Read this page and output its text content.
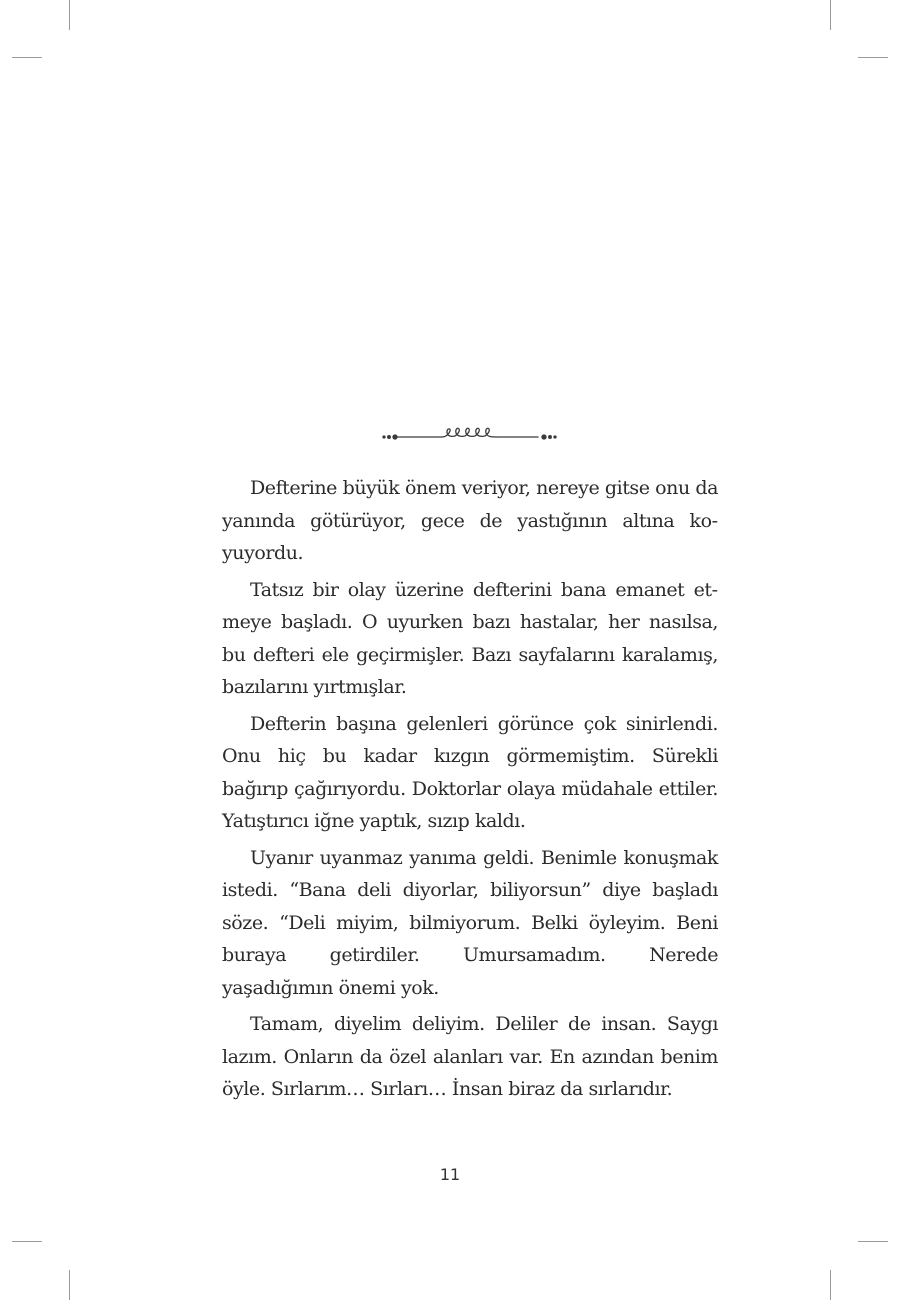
Defterine büyük önem veriyor, nereye gitse onu da yanında götürüyor, gece de yastığının altına koyuyordu.

Tatsız bir olay üzerine defterini bana emanet etmeye başladı. O uyurken bazı hastalar, her nasılsa, bu defteri ele geçirmişler. Bazı sayfalarını karalamış, bazılarını yırtmışlar.

Defterin başına gelenleri görünce çok sinirlendi. Onu hiç bu kadar kızgın görmemiştim. Sürekli bağırıp çağırıyordu. Doktorlar olaya müdahale ettiler. Yatıştırıcı iğne yaptık, sızıp kaldı.

Uyanır uyanmaz yanıma geldi. Benimle konuşmak istedi. “Bana deli diyorlar, biliyorsun” diye başladı söze. “Deli miyim, bilmiyorum. Belki öyleyim. Beni buraya getirdiler. Umursamadım. Nerede yaşadığımın önemi yok.

Tamam, diyelim deliyim. Deliler de insan. Saygı lazım. Onların da özel alanları var. En azından benim öyle. Sırlarım… Sırları… İnsan biraz da sırlarıdır.

11
